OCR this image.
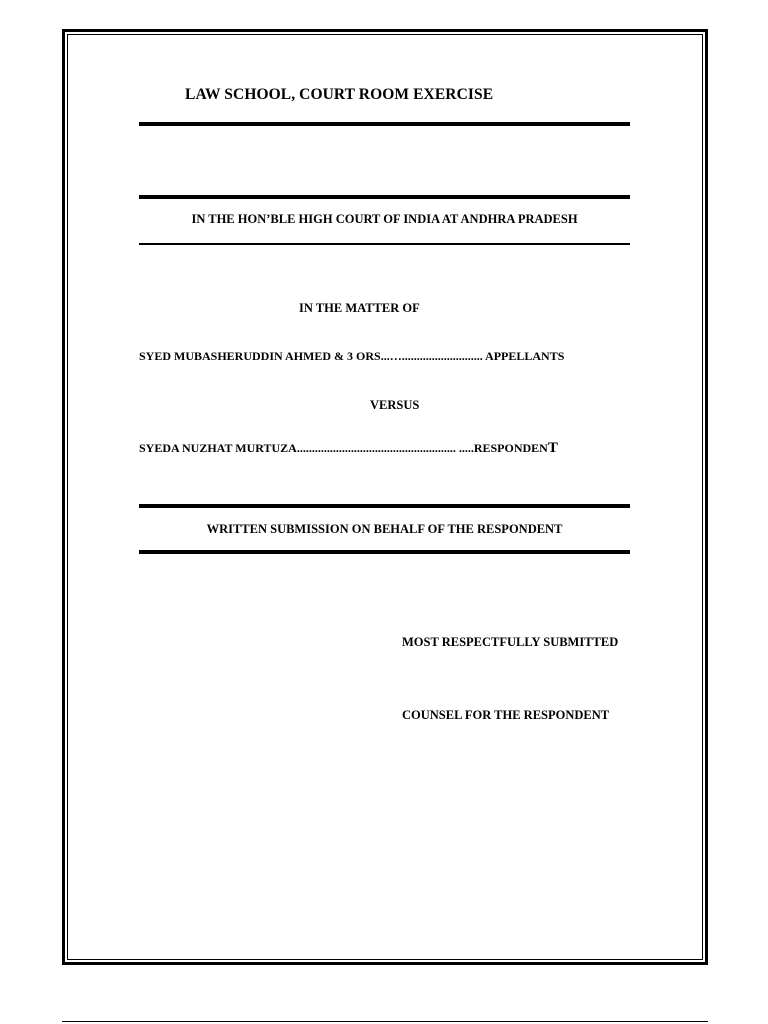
LAW SCHOOL, COURT ROOM EXERCISE
IN THE HON’BLE HIGH COURT OF INDIA AT ANDHRA PRADESH
IN THE MATTER OF
SYED MUBASHERUDDIN AHMED & 3 ORS...…........................... APPELLANTS
VERSUS
SYEDA NUZHAT MURTUZA..................................................... .....RESPONDENT
WRITTEN SUBMISSION ON BEHALF OF THE RESPONDENT
MOST RESPECTFULLY SUBMITTED
COUNSEL FOR THE RESPONDENT
